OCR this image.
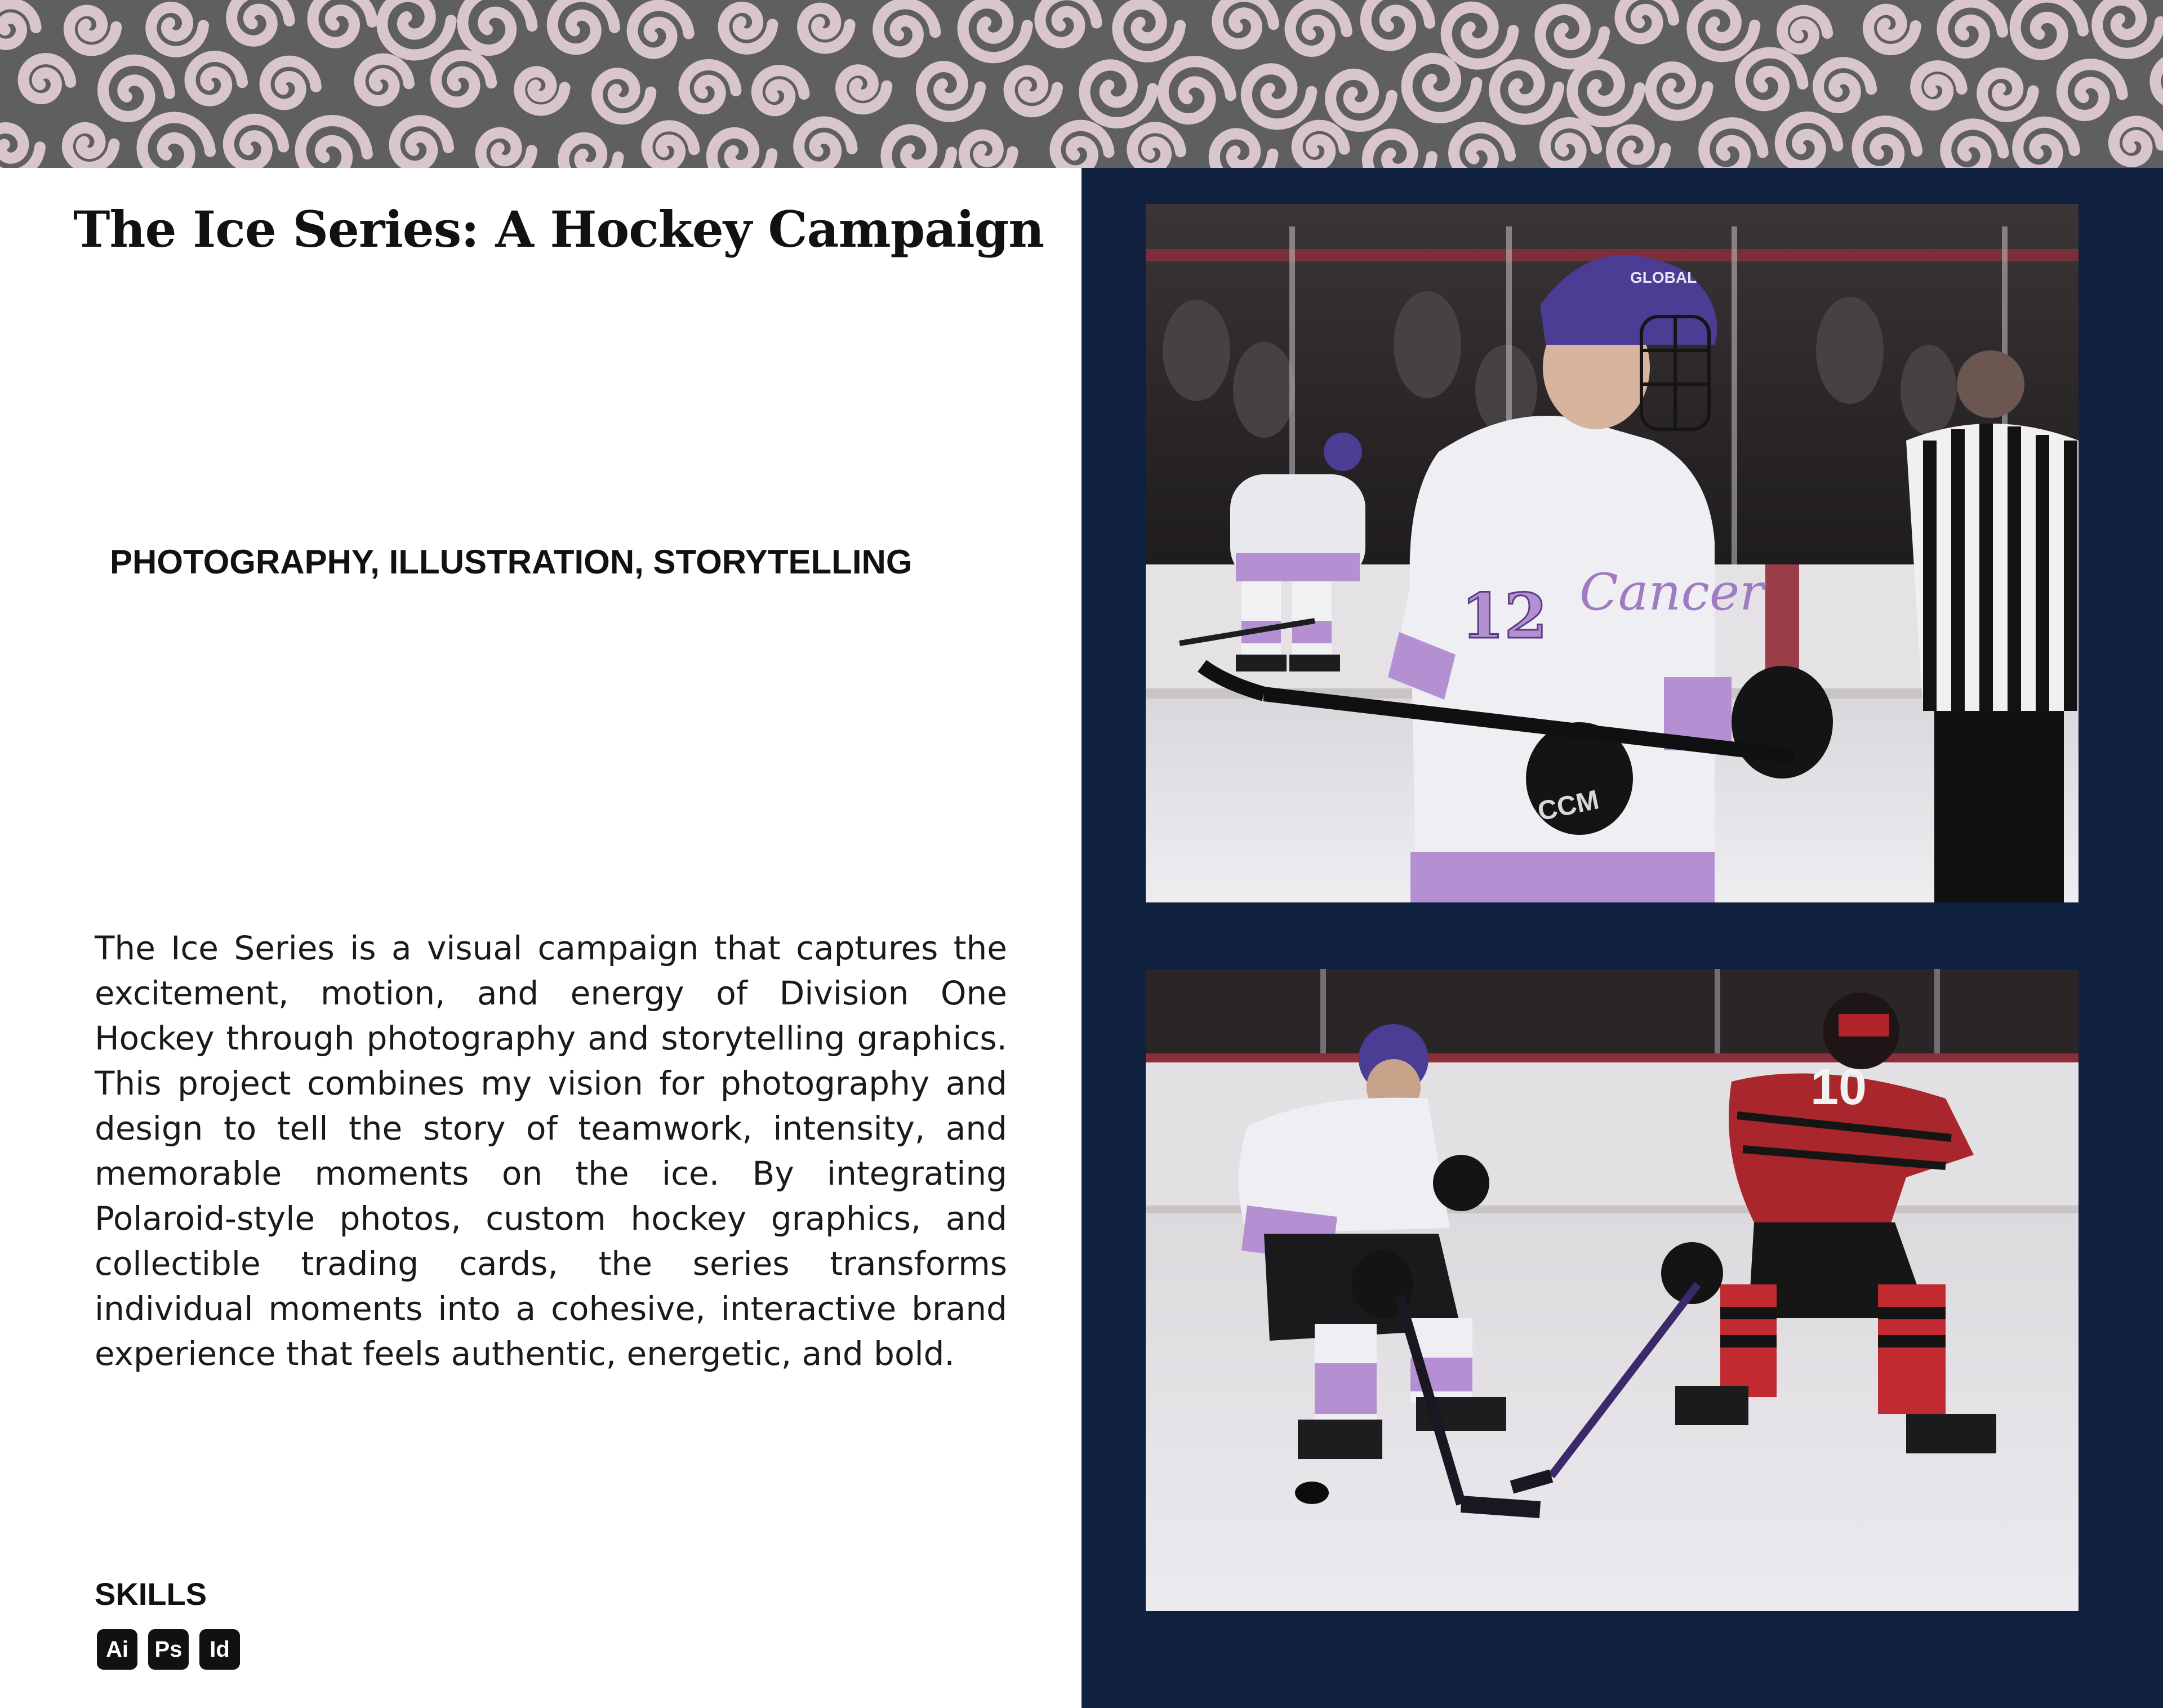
The Ice Series: A Hockey Campaign
PHOTOGRAPHY, ILLUSTRATION, STORYTELLING

The Ice Series is a visual campaign that captures the excitement, motion, and energy of Division One Hockey through photography and storytelling graphics. This project combines my vision for photography and design to tell the story of teamwork, intensity, and memorable moments on the ice. By integrating Polaroid-style photos, custom hockey graphics, and collectible trading cards, the series transforms individual moments into a cohesive, interactive brand experience that feels authentic, energetic, and bold.

SKILLS
Ai	Ps	Id
12 Cancer
GLOBAL
CCM
10
